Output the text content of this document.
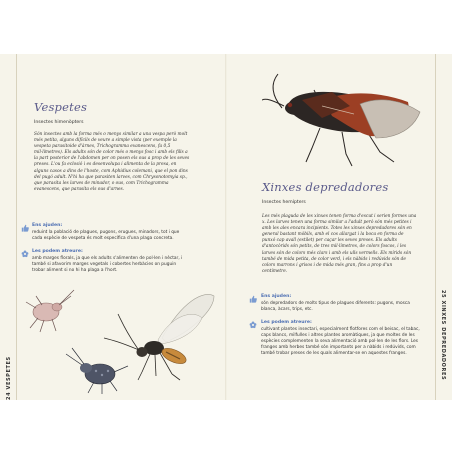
24 VESPETES
Vespetes
Insectes himenòpters

Són insectes amb la forma més o menys similar a una vespa però molt més petita, alguns difícils de veure a simple vista (per exemple la vespeta parasitoide d'àrnes, Trichogramma evanescens, fa 0,5 mil·límetres). Els adults són de color més o menys fosc i amb els fills a la part posterior de l'abdomen per on posen els ous a prop de les seves preses. L'ou fa eclosió i es desenvolupa i alimenta de la presa, en alguns casos a dins de l'hoste, com Aphidius colemani, que el pon dins del pugó adult. N'hi ha que parasiten larves, com Chrysonotomyia sp., que parasita les larves de minador, o ous, com Trichogramma evanescens, que parasita els ous d'arnes.

Ens ajuden:

reduint la població de plagues, pugons, erugues, minadors, tot i que cada espècie de vespeta és molt específica d'una plaga concreta.

Les podem atreure:

amb marges florals, ja que els adults s'alimenten de pol·len i nèctar, i també si afavorim marges vegetals i cobertes herbàcies on puguin trobar aliment si no hi ha plaga a l'hort.

Xinxes depredadores
Insectes hemípters

Les més plaguda de les xinxes tenen forma d'escut i serien formes una x. Les larves tenen una forma similar a l'adult però són més petites i amb les ales encara incipients. Totes les xinxes depredadores són en general bastant mòbils, amb el cos allargat i la boca en forma de punxó cap avall (estilet) per caçar les seves preses. Els adults d'antocòrids són petits, de tres mil·límetres, de colors foscos, i les larves són de colors més clars i amb els ulls vermells. Els mírids són també de mida petita, de color verd, i els nàbids i redúvids són de colors marrons i grisos i de mida més gran, fins a prop d'un centímetre.

Ens ajuden:

són depredadors de molts tipus de plagues diferents: pugons, mosca blanca, àcars, trips, etc.

Les podem atreure:

cultivant plantes insectari, especialment flotfores com el beisac, el tabac, caps blancs, milfulles i altres plantes aromàtiques, ja que moltes de les espècies complementen la seva alimentació amb pol·len de les flors. Les franges amb herbes també són importants per a nàbids i redúvids, com també trobar preses de les quals alimentar-se en aquestes franges.	25 XINXES DEPREDADORES
